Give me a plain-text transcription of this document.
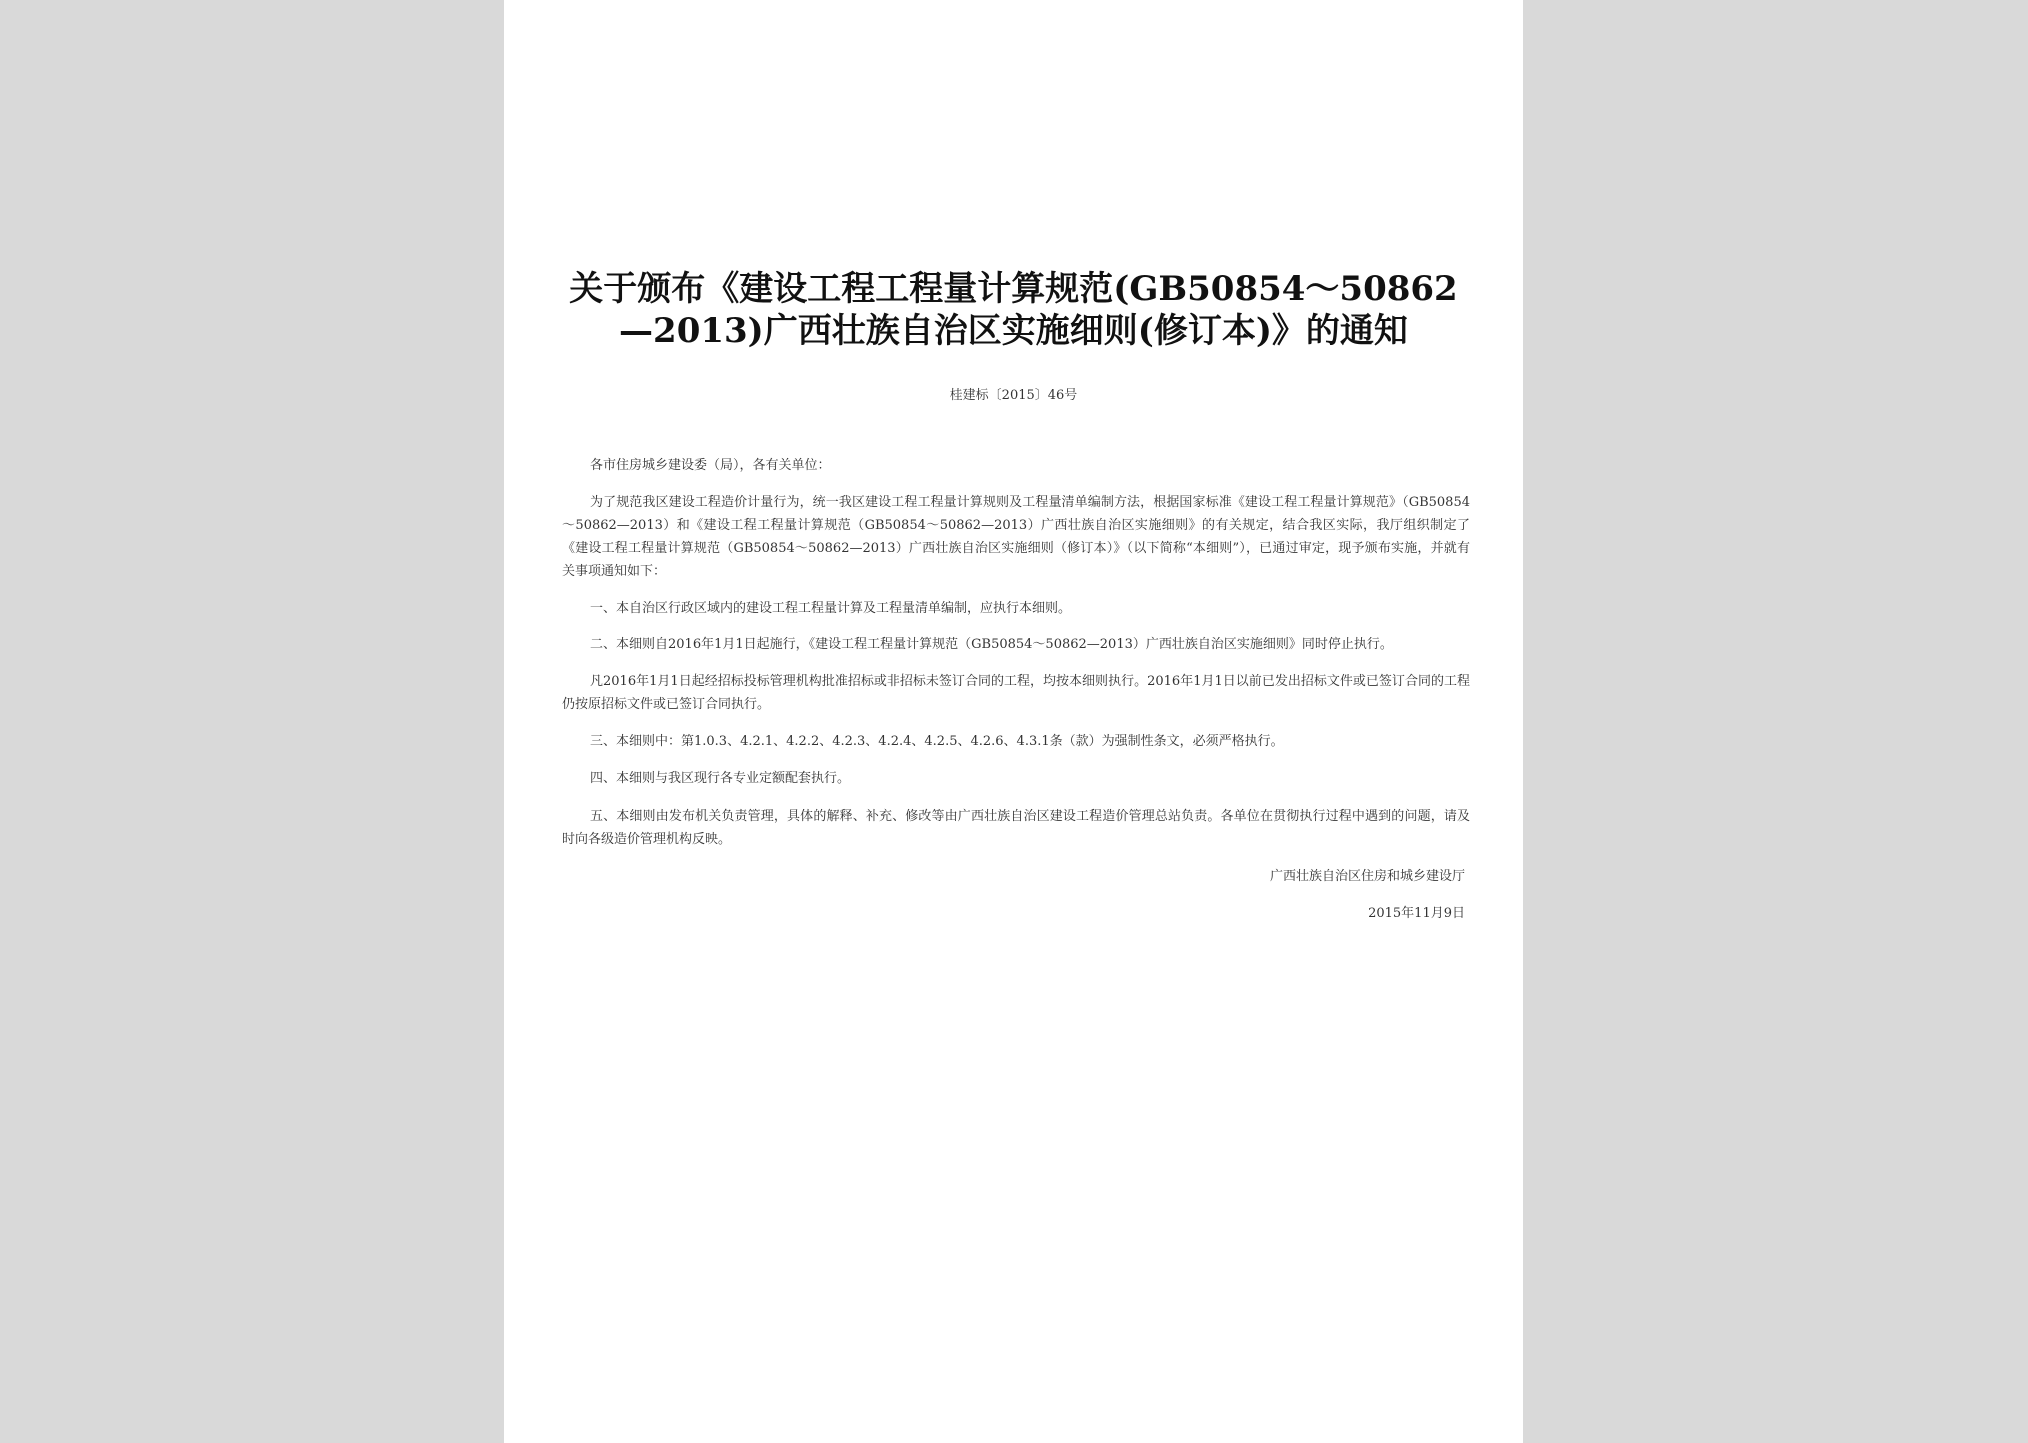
关于颁布《建设工程工程量计算规范(GB50854～50862
—2013)广西壮族自治区实施细则(修订本)》的通知
桂建标〔2015〕46号
各市住房城乡建设委（局），各有关单位：
为了规范我区建设工程造价计量行为，统一我区建设工程工程量计算规则及工程量清单编制方法，根据国家标准《建设工程工程量计算规范》（GB50854～50862—2013）和《建设工程工程量计算规范（GB50854～50862—2013）广西壮族自治区实施细则》的有关规定，结合我区实际，我厅组织制定了《建设工程工程量计算规范（GB50854～50862—2013）广西壮族自治区实施细则（修订本）》（以下简称“本细则”），已通过审定，现予颁布实施，并就有关事项通知如下：
一、本自治区行政区域内的建设工程工程量计算及工程量清单编制，应执行本细则。
二、本细则自2016年1月1日起施行，《建设工程工程量计算规范（GB50854～50862—2013）广西壮族自治区实施细则》同时停止执行。
凡2016年1月1日起经招标投标管理机构批准招标或非招标未签订合同的工程，均按本细则执行。2016年1月1日以前已发出招标文件或已签订合同的工程仍按原招标文件或已签订合同执行。
三、本细则中：第1.0.3、4.2.1、4.2.2、4.2.3、4.2.4、4.2.5、4.2.6、4.3.1条（款）为强制性条文，必须严格执行。
四、本细则与我区现行各专业定额配套执行。
五、本细则由发布机关负责管理，具体的解释、补充、修改等由广西壮族自治区建设工程造价管理总站负责。各单位在贯彻执行过程中遇到的问题，请及时向各级造价管理机构反映。
广西壮族自治区住房和城乡建设厅
2015年11月9日
